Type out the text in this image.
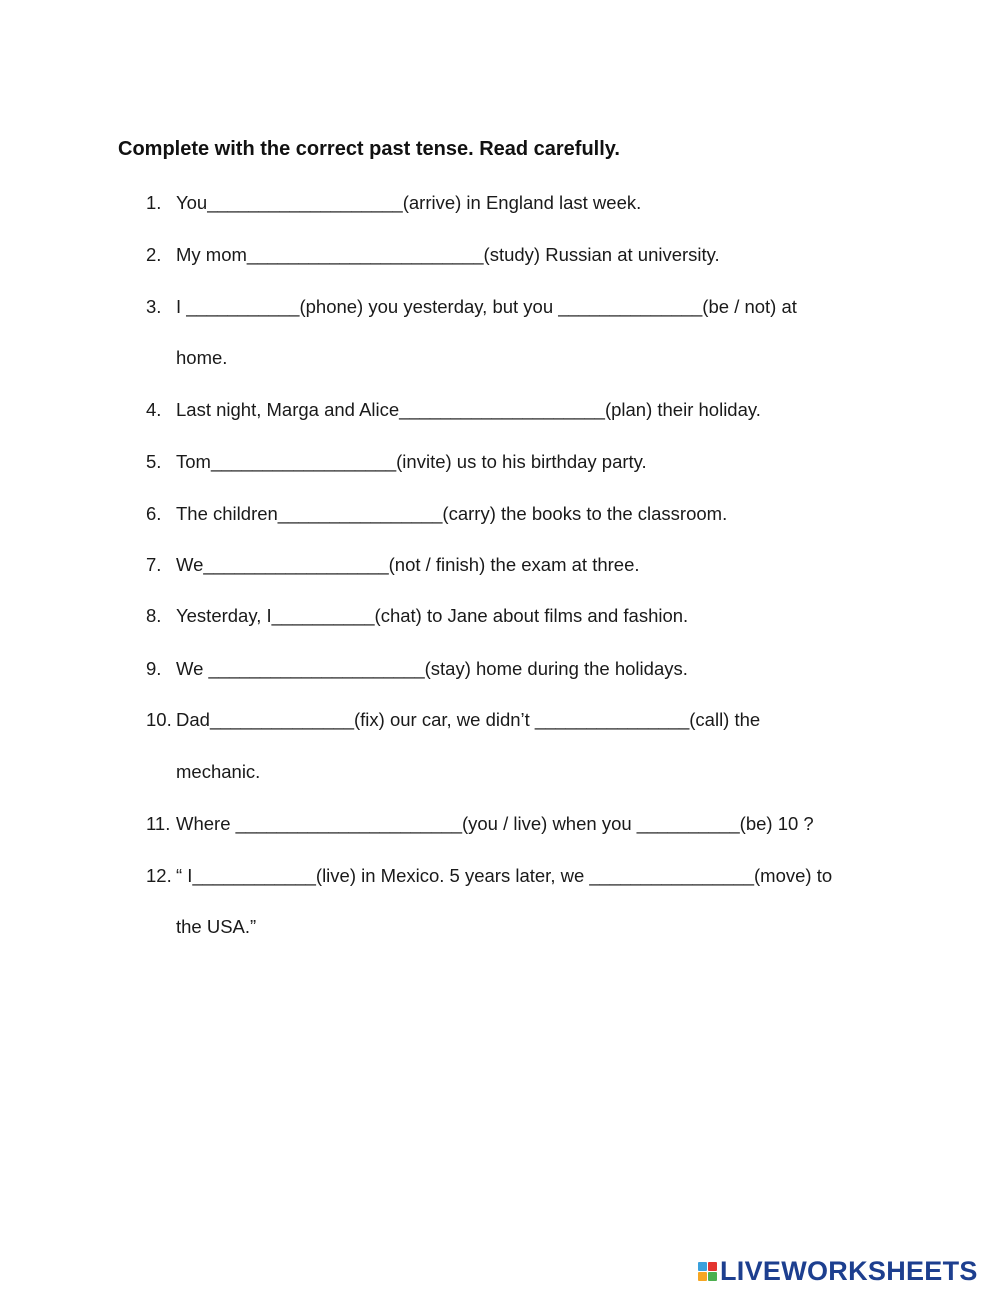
Complete with the correct past tense. Read carefully.
1. You___________________(arrive) in England last week.
2. My mom_______________________(study) Russian at university.
3. I ___________(phone) you yesterday, but you ______________(be / not) at
home.
4. Last night, Marga and Alice____________________(plan) their holiday.
5. Tom__________________(invite) us to his birthday party.
6. The children________________(carry) the books to the classroom.
7. We__________________(not / finish) the exam at three.
8. Yesterday, I__________(chat) to Jane about films and fashion.
9. We _____________________(stay) home during the holidays.
10. Dad______________(fix) our car, we didn’t _______________(call) the
mechanic.
11. Where ______________________(you / live) when you __________(be) 10 ?
12. “ I____________(live) in Mexico. 5 years later, we ________________(move) to
the USA.”
LIVEWORKSHEETS
